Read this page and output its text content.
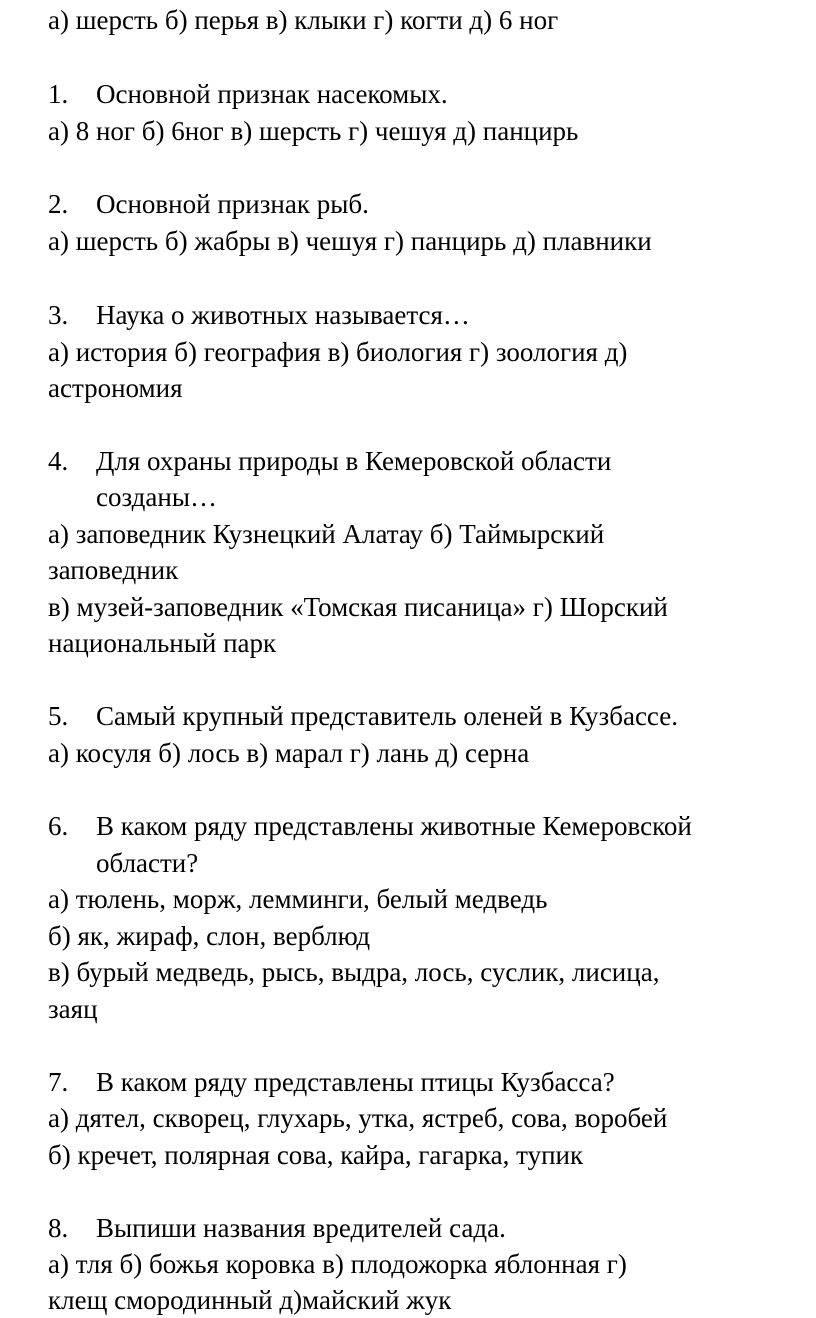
а) шерсть б) перья в) клыки г) когти д) 6 ног
1. Основной признак насекомых.
а) 8 ног б) 6ног в) шерсть г) чешуя д) панцирь
2. Основной признак рыб.
а) шерсть б) жабры в) чешуя г) панцирь д) плавники
3. Наука о животных называется…
а) история б) география в) биология г) зоология д)
астрономия
4. Для охраны природы в Кемеровской области
созданы…
а) заповедник Кузнецкий Алатау б) Таймырский
заповедник
в) музей-заповедник «Томская писаница» г) Шорский
национальный парк
5. Самый крупный представитель оленей в Кузбассе.
а) косуля б) лось в) марал г) лань д) серна
6. В каком ряду представлены животные Кемеровской
области?
а) тюлень, морж, лемминги, белый медведь
б) як, жираф, слон, верблюд
в) бурый медведь, рысь, выдра, лось, суслик, лисица,
заяц
7. В каком ряду представлены птицы Кузбасса?
а) дятел, скворец, глухарь, утка, ястреб, сова, воробей
б) кречет, полярная сова, кайра, гагарка, тупик
8. Выпиши названия вредителей сада.
а) тля б) божья коровка в) плодожорка яблонная г)
клещ смородинный д)майский жук
